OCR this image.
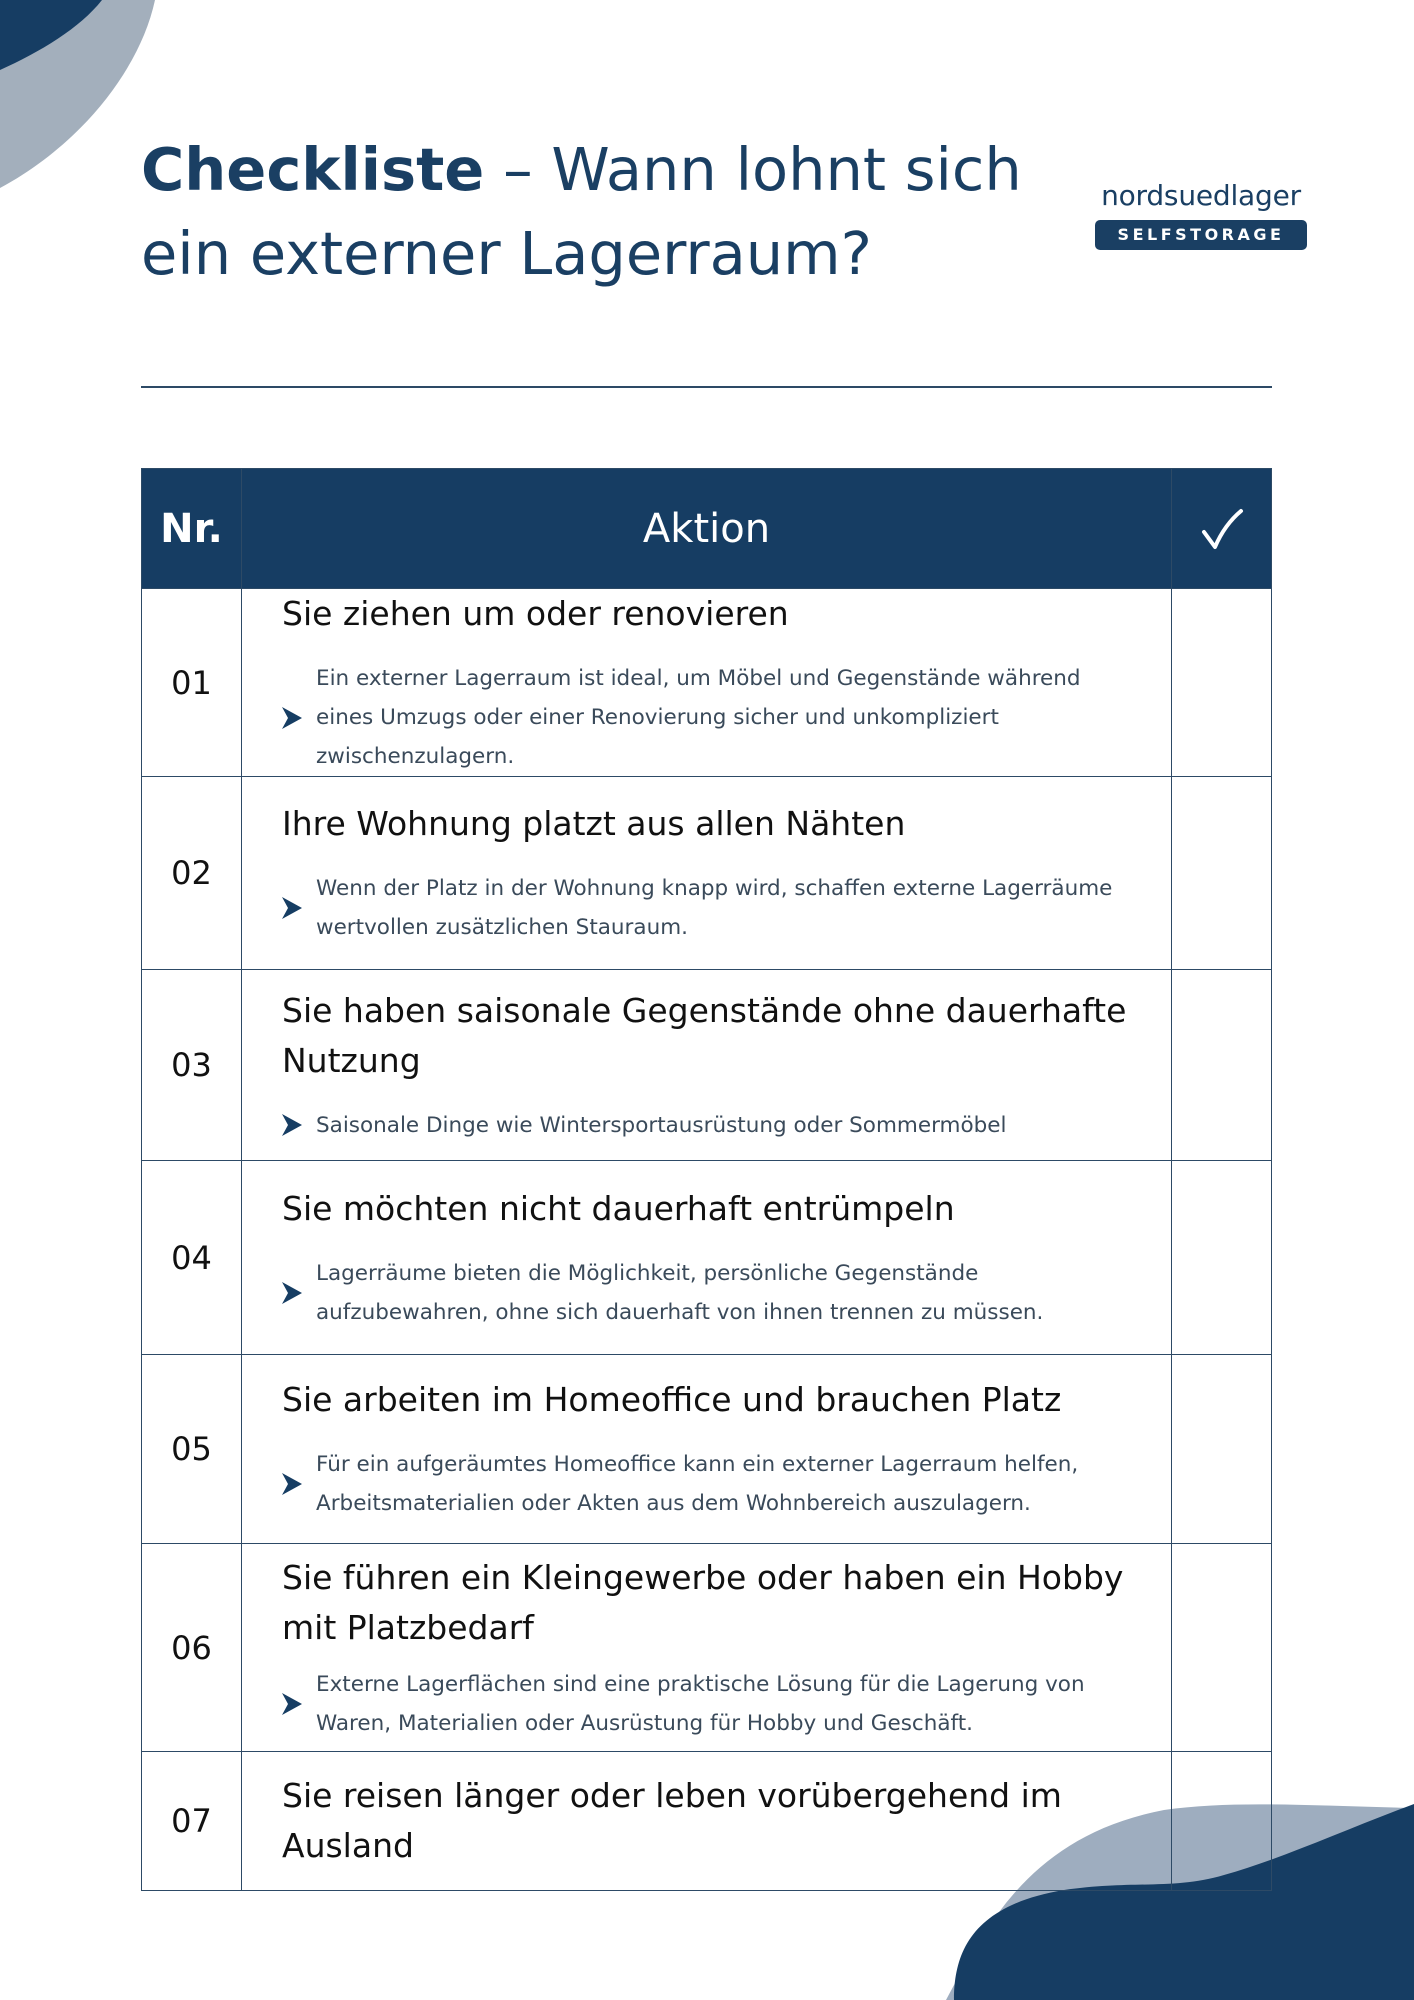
Checkliste – Wann lohnt sich ein externer Lagerraum?
nordsuedlager
SELFSTORAGE
Nr.	Aktion	
01	Sie ziehen um oder renovieren
Ein externer Lagerraum ist ideal, um Möbel und Gegenstände während eines Umzugs oder einer Renovierung sicher und unkompliziert zwischenzulagern.	

02	Ihre Wohnung platzt aus allen Nähten
Wenn der Platz in der Wohnung knapp wird, schaffen externe Lagerräume wertvollen zusätzlichen Stauraum.	

03	Sie haben saisonale Gegenstände ohne dauerhafte Nutzung
Saisonale Dinge wie Wintersportausrüstung oder Sommermöbel	

04	Sie möchten nicht dauerhaft entrümpeln
Lagerräume bieten die Möglichkeit, persönliche Gegenstände aufzubewahren, ohne sich dauerhaft von ihnen trennen zu müssen.	

05	Sie arbeiten im Homeoffice und brauchen Platz
Für ein aufgeräumtes Homeoffice kann ein externer Lagerraum helfen, Arbeitsmaterialien oder Akten aus dem Wohnbereich auszulagern.	

06	Sie führen ein Kleingewerbe oder haben ein Hobby mit Platzbedarf
Externe Lagerflächen sind eine praktische Lösung für die Lagerung von Waren, Materialien oder Ausrüstung für Hobby und Geschäft.	

07	Sie reisen länger oder leben vorübergehend im Ausland	
